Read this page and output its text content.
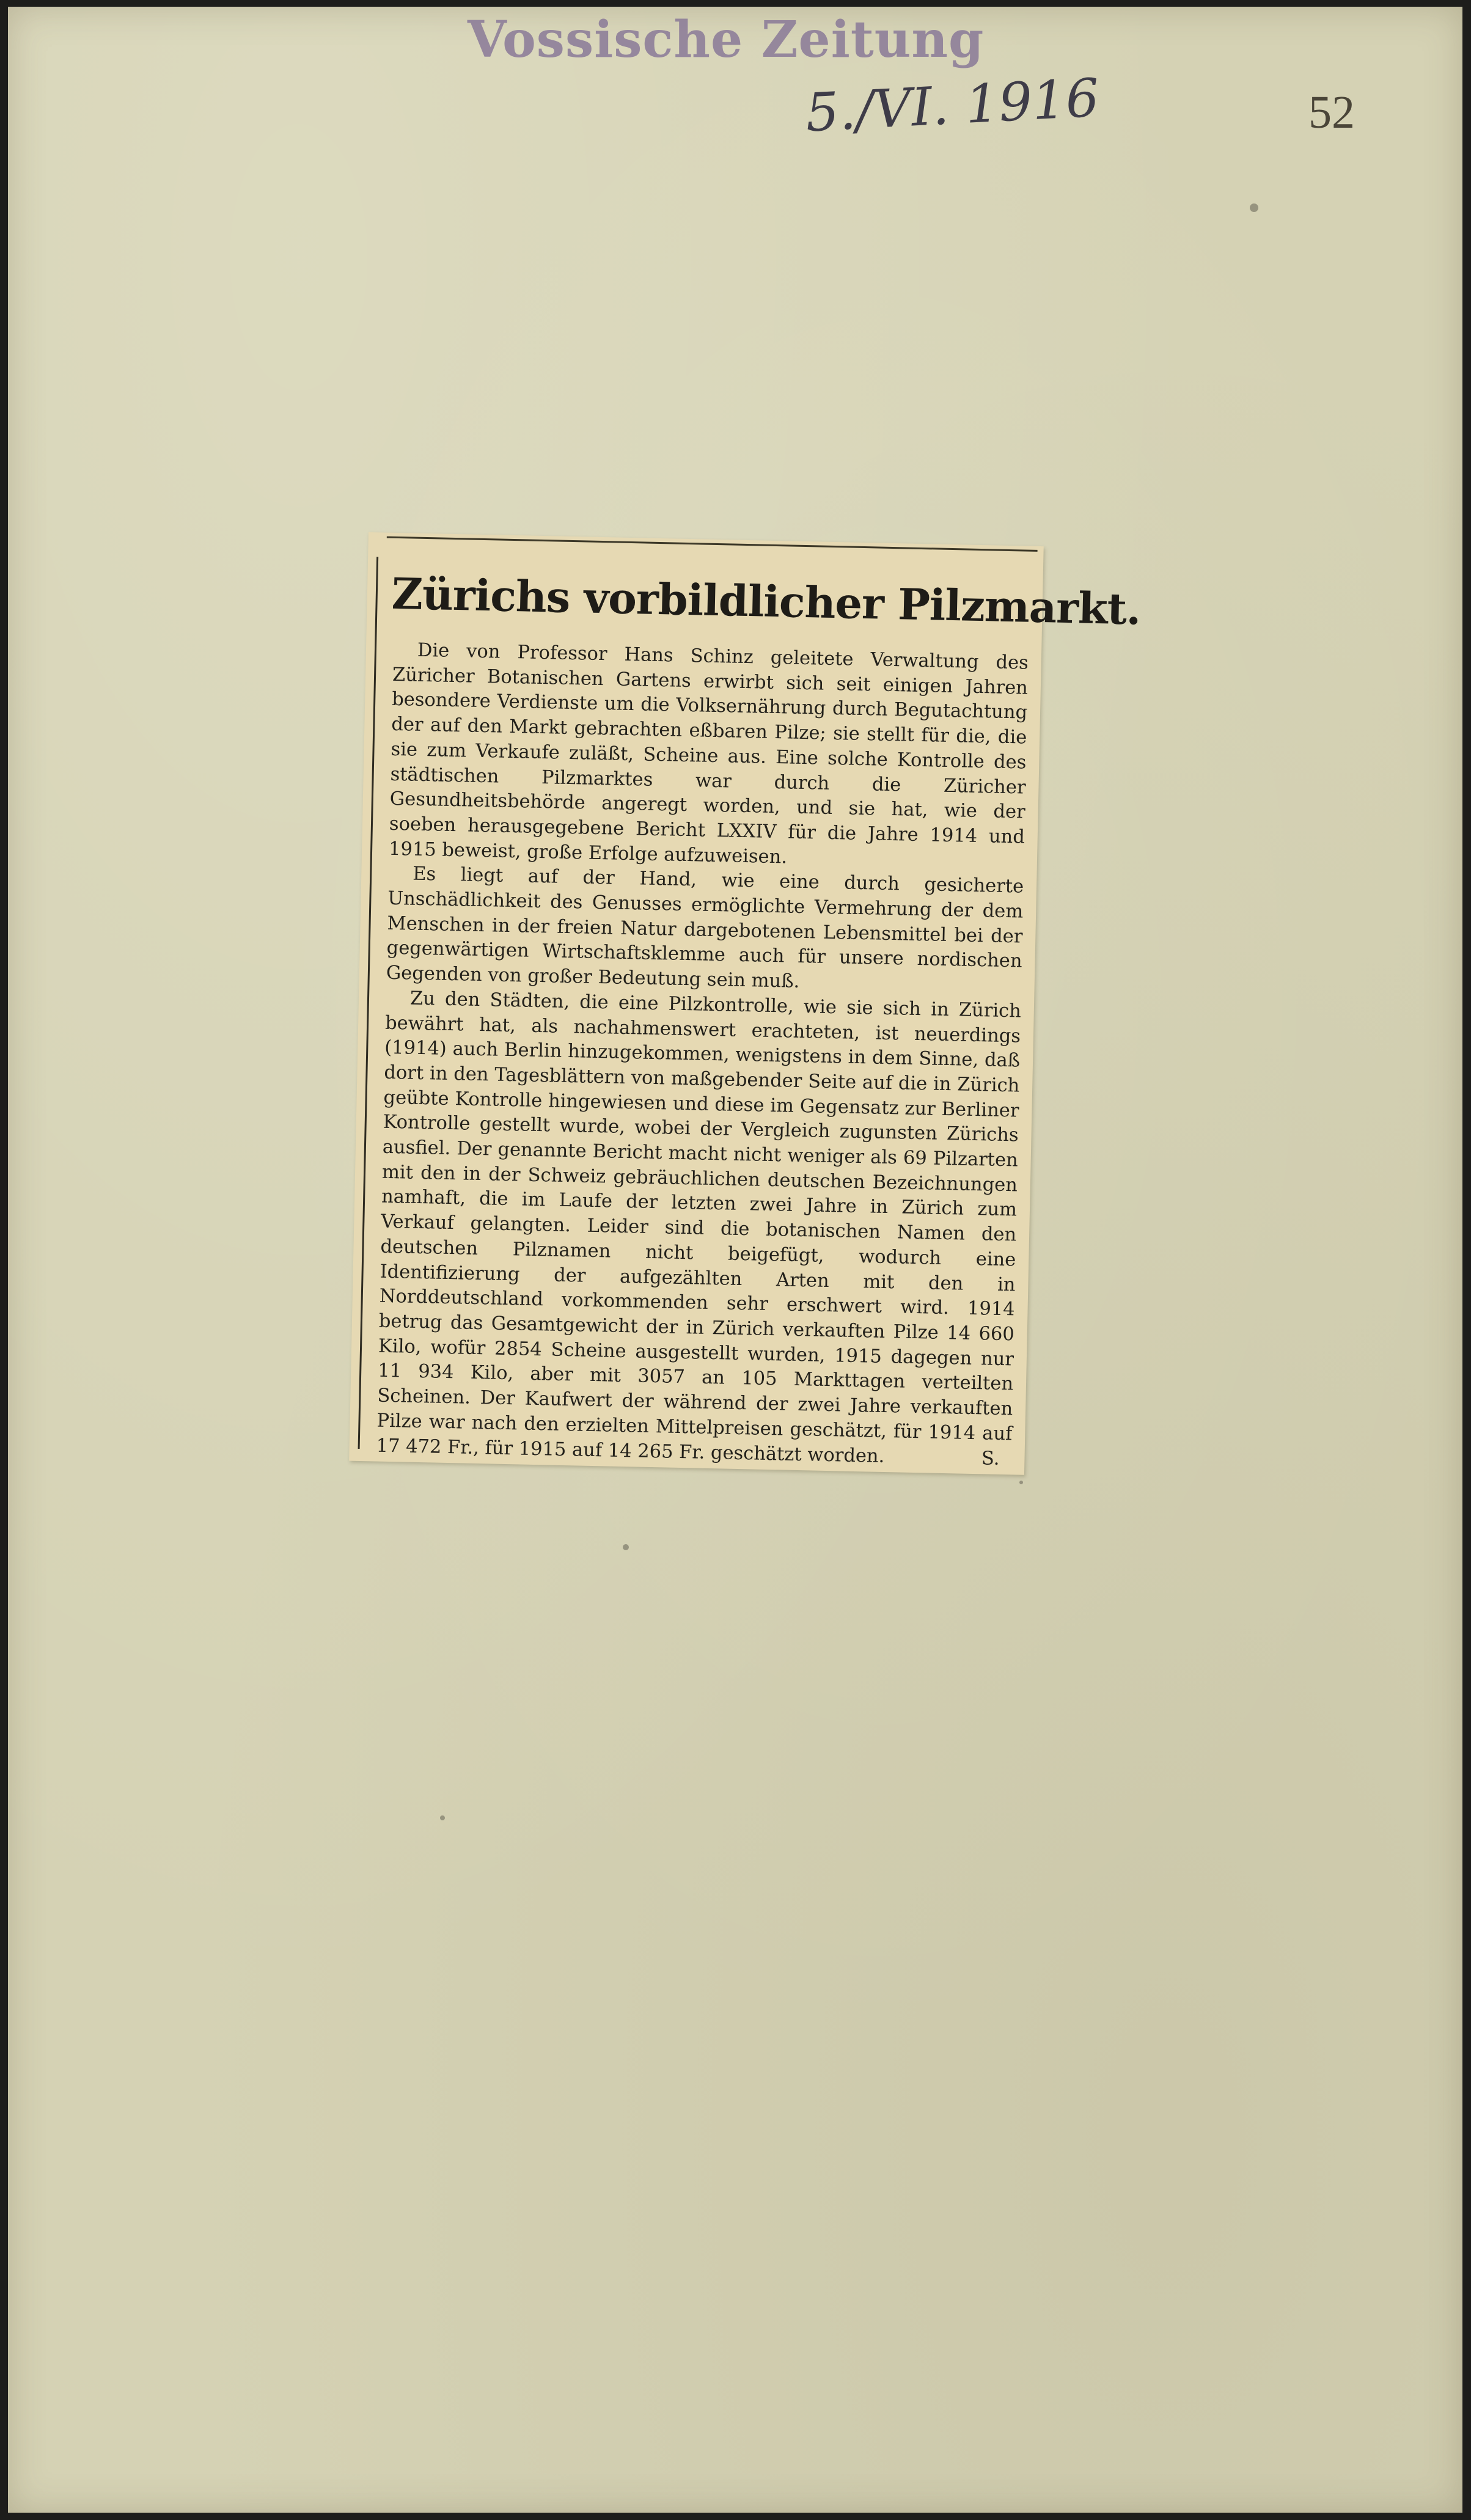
Vossische Zeitung
5./VI. 1916	52
Zürichs vorbildlicher Pilzmarkt.

Die von Professor Hans Schinz geleitete Verwaltung des Züricher Botanischen Gartens erwirbt sich seit einigen Jahren besondere Verdienste um die Volksernährung durch Begutachtung der auf den Markt gebrachten eßbaren Pilze; sie stellt für die, die sie zum Verkaufe zuläßt, Scheine aus. Eine solche Kontrolle des städtischen Pilzmarktes war durch die Züricher Gesundheitsbehörde angeregt worden, und sie hat, wie der soeben herausgegebene Bericht LXXIV für die Jahre 1914 und 1915 beweist, große Erfolge aufzuweisen.

Es liegt auf der Hand, wie eine durch gesicherte Unschädlichkeit des Genusses ermöglichte Vermehrung der dem Menschen in der freien Natur dargebotenen Lebensmittel bei der gegenwärtigen Wirtschaftsklemme auch für unsere nordischen Gegenden von großer Bedeutung sein muß.

Zu den Städten, die eine Pilzkontrolle, wie sie sich in Zürich bewährt hat, als nachahmenswert erachteten, ist neuerdings (1914) auch Berlin hinzugekommen, wenigstens in dem Sinne, daß dort in den Tagesblättern von maßgebender Seite auf die in Zürich geübte Kontrolle hingewiesen und diese im Gegensatz zur Berliner Kontrolle gestellt wurde, wobei der Vergleich zugunsten Zürichs ausfiel. Der genannte Bericht macht nicht weniger als 69 Pilzarten mit den in der Schweiz gebräuchlichen deutschen Bezeichnungen namhaft, die im Laufe der letzten zwei Jahre in Zürich zum Verkauf gelangten. Leider sind die botanischen Namen den deutschen Pilznamen nicht beigefügt, wodurch eine Identifizierung der aufgezählten Arten mit den in Norddeutschland vorkommenden sehr erschwert wird. 1914 betrug das Gesamtgewicht der in Zürich verkauften Pilze 14 660 Kilo, wofür 2854 Scheine ausgestellt wurden, 1915 dagegen nur 11 934 Kilo, aber mit 3057 an 105 Markttagen verteilten Scheinen. Der Kaufwert der während der zwei Jahre verkauften Pilze war nach den erzielten Mittelpreisen geschätzt, für 1914 auf 17 472 Fr., für 1915 auf 14 265 Fr. geschätzt worden.	S.
